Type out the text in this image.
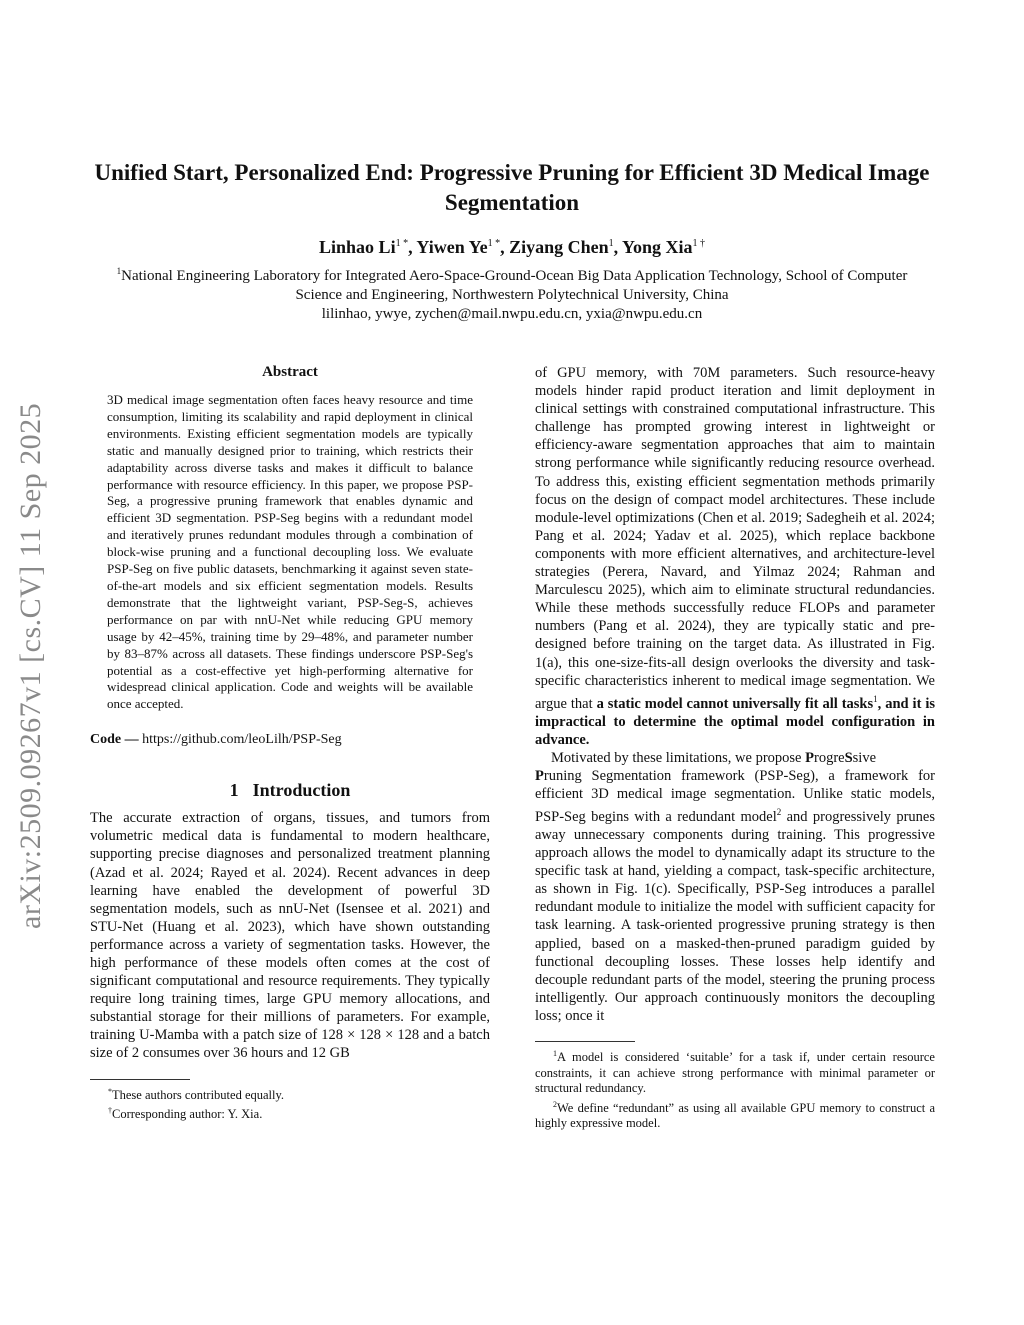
arXiv:2509.09267v1 [cs.CV] 11 Sep 2025
Unified Start, Personalized End: Progressive Pruning for Efficient 3D Medical Image Segmentation
Linhao $Li^{1 *}$, Yiwen $Ye^{1 *}$, Ziyang Chen$^1$, Yong Xia$^{1 \dagger}$
$^1$National Engineering Laboratory for Integrated Aero-Space-Ground-Ocean Big Data Application Technology, School of Computer Science and Engineering, Northwestern Polytechnical University, China
lilinhao, ywye, zychen@mail.nwpu.edu.cn, yxia@nwpu.edu.cn
Abstract

3D medical image segmentation often faces heavy resource and time consumption, limiting its scalability and rapid deployment in clinical environments. Existing efficient segmentation models are typically static and manually designed prior to training, which restricts their adaptability across diverse tasks and makes it difficult to balance performance with resource efficiency. In this paper, we propose PSP-Seg, a progressive pruning framework that enables dynamic and efficient 3D segmentation. PSP-Seg begins with a redundant model and iteratively prunes redundant modules through a combination of block-wise pruning and a functional decoupling loss. We evaluate PSP-Seg on five public datasets, benchmarking it against seven state-of-the-art models and six efficient segmentation models. Results demonstrate that the lightweight variant, PSP-Seg-S, achieves performance on par with nnU-Net while reducing GPU memory usage by 42–45%, training time by 29–48%, and parameter number by 83–87% across all datasets. These findings underscore PSP-Seg's potential as a cost-effective yet high-performing alternative for widespread clinical application. Code and weights will be available once accepted.

Code — https://github.com/leoLilh/PSP-Seg

1 Introduction

The accurate extraction of organs, tissues, and tumors from volumetric medical data is fundamental to modern healthcare, supporting precise diagnoses and personalized treatment planning (Azad et al. 2024; Rayed et al. 2024). Recent advances in deep learning have enabled the development of powerful 3D segmentation models, such as nnU-Net (Isensee et al. 2021) and STU-Net (Huang et al. 2023), which have shown outstanding performance across a variety of segmentation tasks. However, the high performance of these models often comes at the cost of significant computational and resource requirements. They typically require long training times, large GPU memory allocations, and substantial storage for their millions of parameters. For example, training U-Mamba with a patch size of 128 × 128 × 128 and a batch size of 2 consumes over 36 hours and 12 GB

*These authors contributed equally.

†Corresponding author: Y. Xia.

of GPU memory, with 70M parameters. Such resource-heavy models hinder rapid product iteration and limit deployment in clinical settings with constrained computational infrastructure. This challenge has prompted growing interest in lightweight or efficiency-aware segmentation approaches that aim to maintain strong performance while significantly reducing resource overhead. To address this, existing efficient segmentation methods primarily focus on the design of compact model architectures. These include module-level optimizations (Chen et al. 2019; Sadegheih et al. 2024; Pang et al. 2024; Yadav et al. 2025), which replace backbone components with more efficient alternatives, and architecture-level strategies (Perera, Navard, and Yilmaz 2024; Rahman and Marculescu 2025), which aim to eliminate structural redundancies. While these methods successfully reduce FLOPs and parameter numbers (Pang et al. 2024), they are typically static and pre-designed before training on the target data. As illustrated in Fig. 1(a), this one-size-fits-all design overlooks the diversity and task-specific characteristics inherent to medical image segmentation. We argue that a static model cannot universally fit all tasks$^1$, and it is impractical to determine the optimal model configuration in advance.

Motivated by these limitations, we propose ProgreSsive
Pruning Segmentation framework (PSP-Seg), a framework for efficient 3D medical image segmentation. Unlike static models, PSP-Seg begins with a redundant model$^2$ and progressively prunes away unnecessary components during training. This progressive approach allows the model to dynamically adapt its structure to the specific task at hand, yielding a compact, task-specific architecture, as shown in Fig. 1(c). Specifically, PSP-Seg introduces a parallel redundant module to initialize the model with sufficient capacity for task learning. A task-oriented progressive pruning strategy is then applied, based on a masked-then-pruned paradigm guided by functional decoupling losses. These losses help identify and decouple redundant parts of the model, steering the pruning process intelligently. Our approach continuously monitors the decoupling loss; once it

$^1$A model is considered ‘suitable’ for a task if, under certain resource constraints, it can achieve strong performance with minimal parameter or structural redundancy.

$^2$We define “redundant” as using all available GPU memory to construct a highly expressive model.
